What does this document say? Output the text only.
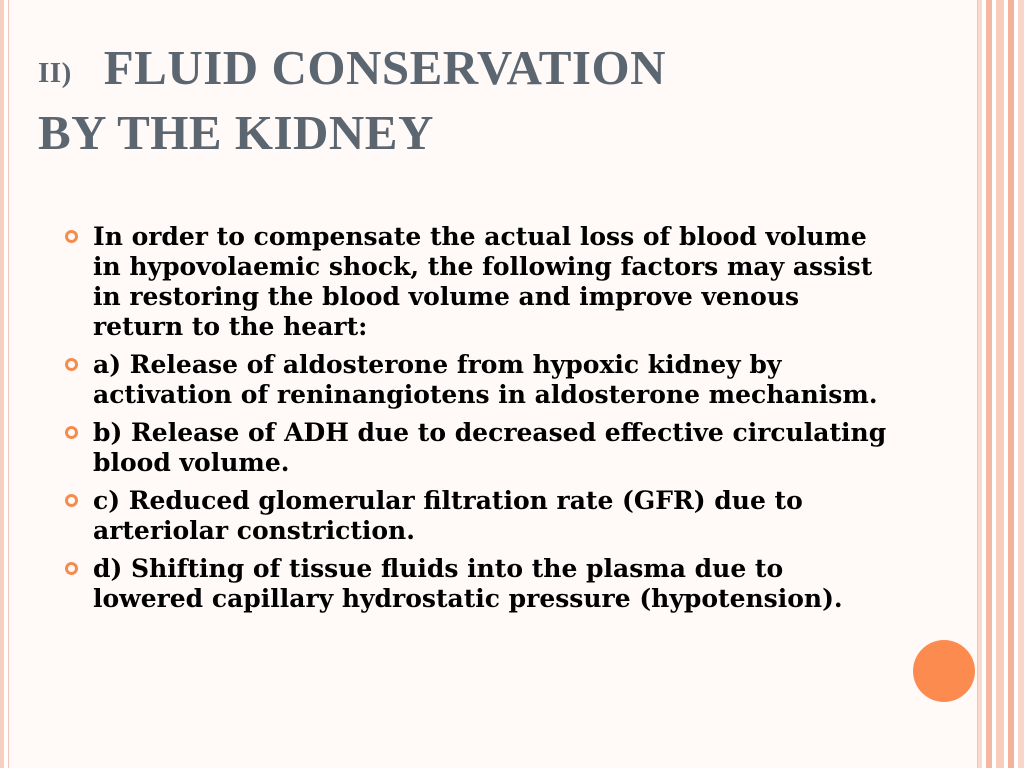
II) FLUID CONSERVATION
BY THE KIDNEY
In order to compensate the actual loss of blood volume in hypovolaemic shock, the following factors may assist in restoring the blood volume and improve venous return to the heart:
a) Release of aldosterone from hypoxic kidney by activation of reninangiotens in aldosterone mechanism.
b) Release of ADH due to decreased effective circulating blood volume.
c) Reduced glomerular filtration rate (GFR) due to arteriolar constriction.
d) Shifting of tissue fluids into the plasma due to lowered capillary hydrostatic pressure (hypotension).
